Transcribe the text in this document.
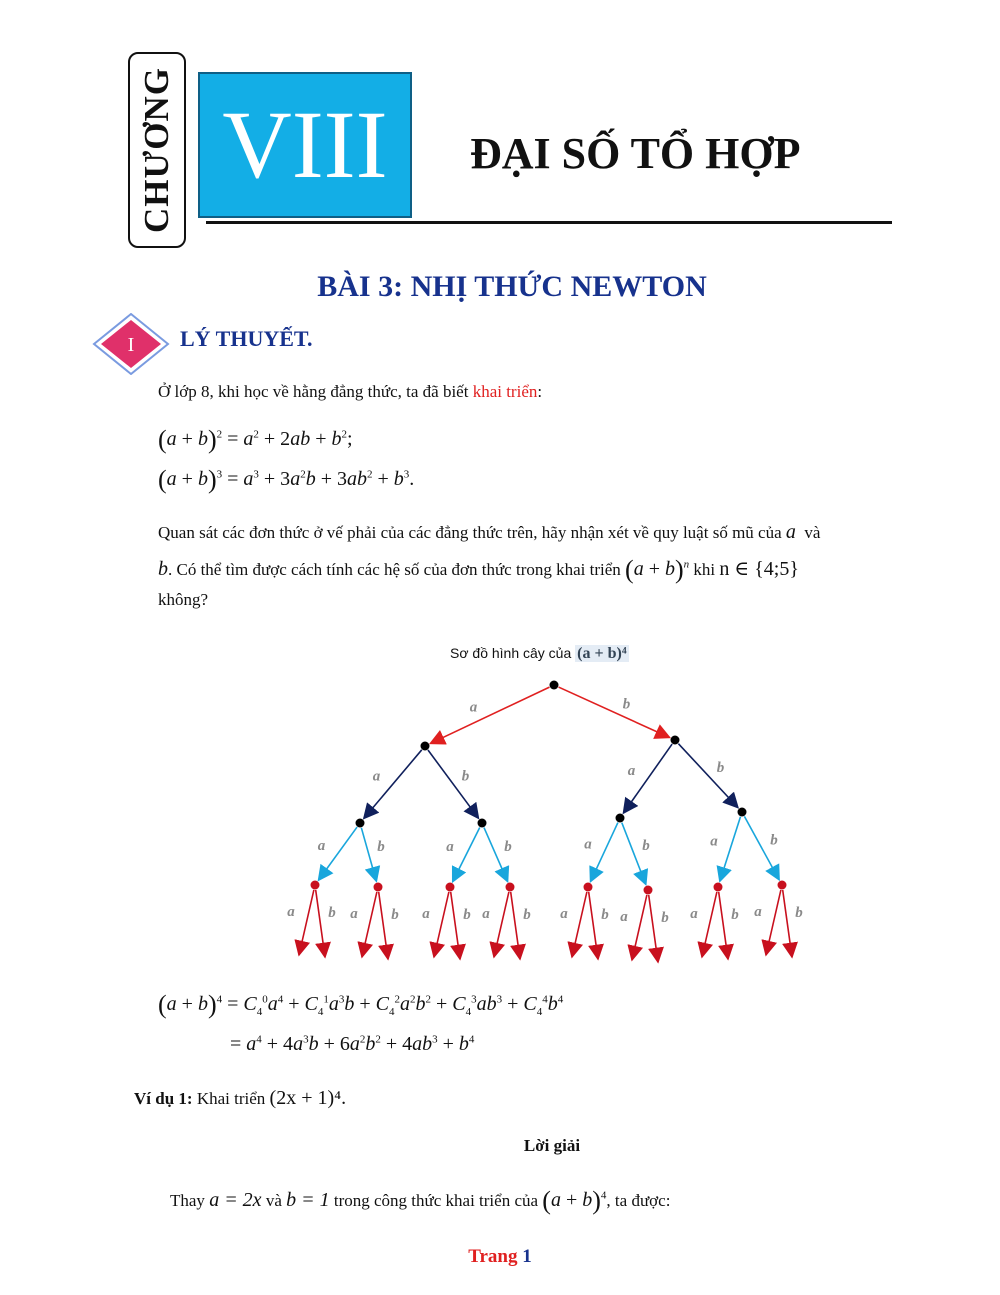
CHƯƠNG VIII ĐẠI SỐ TỔ HỢP
BÀI 3: NHỊ THỨC NEWTON
I LÝ THUYẾT.
Ở lớp 8, khi học về hằng đẳng thức, ta đã biết khai triển:
$(a + b)^2 = a^2 + 2ab + b^2$;
$(a + b)^3 = a^3 + 3a^2b + 3ab^2 + b^3$.
Quan sát các đơn thức ở vế phải của các đẳng thức trên, hãy nhận xét về quy luật số mũ của a và
b. Có thể tìm được cách tính các hệ số của đơn thức trong khai triển $(a + b)^n$ khi n ∈ {4;5}
không?
a	b
a	b	a	b
a	b	a	b	a	b	a	b
a b a b a b a b a b a b a b a b
Sơ đồ hình cây của (a + b)⁴
$(a + b)^4 = C_4^0a^4 + C_4^1a^3b + C_4^2a^2b^2 + C_4^3ab^3 + C_4^4b^4$
= $a^4 + 4a^3b + 6a^2b^2 + 4ab^3 + b^4$
Ví dụ 1: Khai triển (2x + 1)⁴.
Lời giải
Thay a = 2x và b = 1 trong công thức khai triển của $(a + b)^4$, ta được:
Trang 1
